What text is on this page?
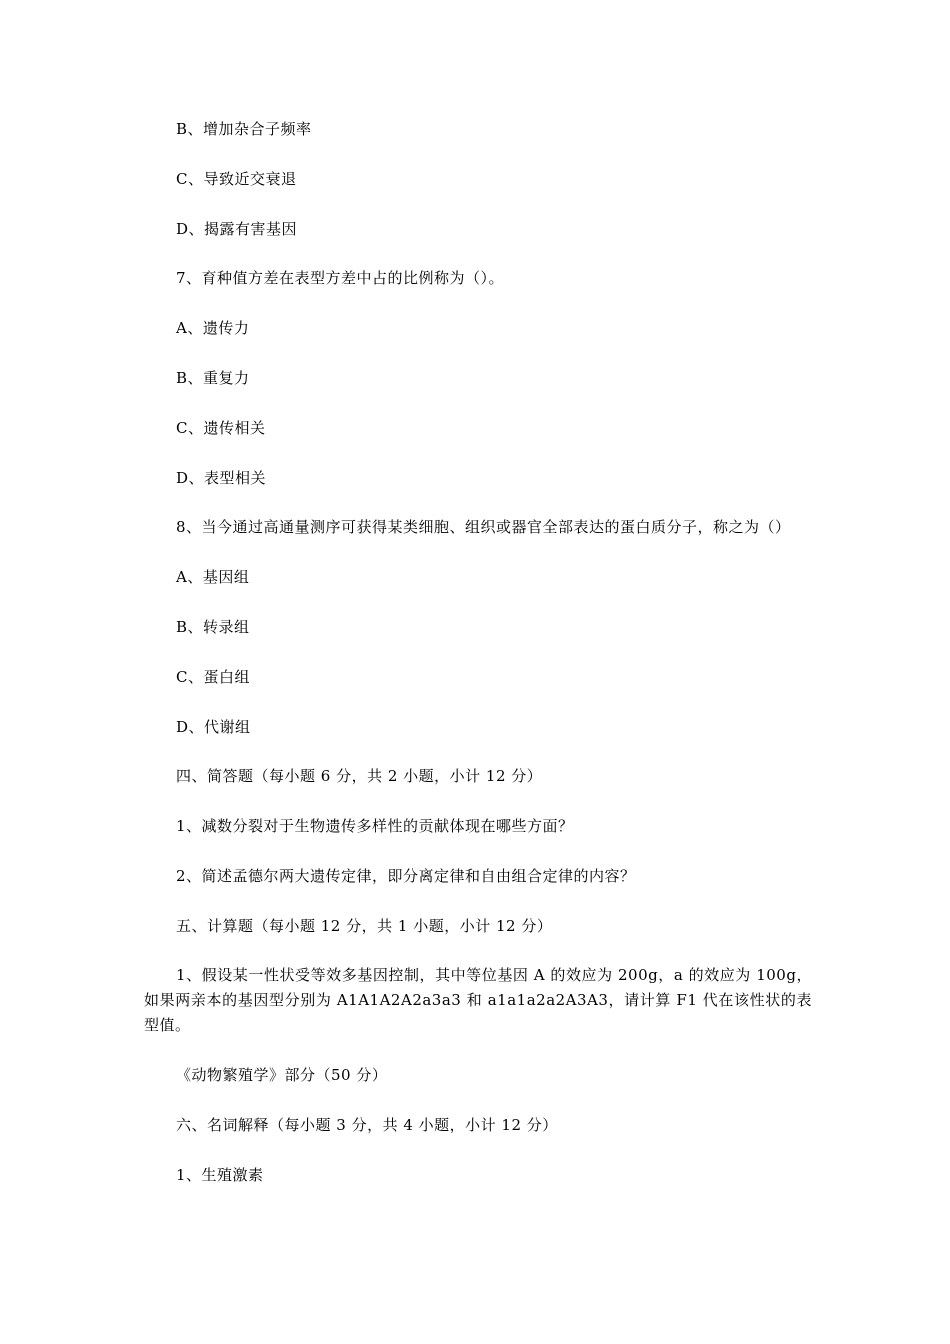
B、增加杂合子频率
C、导致近交衰退
D、揭露有害基因
7、育种值方差在表型方差中占的比例称为（）。
A、遗传力
B、重复力
C、遗传相关
D、表型相关
8、当今通过高通量测序可获得某类细胞、组织或器官全部表达的蛋白质分子，称之为（）
A、基因组
B、转录组
C、蛋白组
D、代谢组
四、简答题（每小题 6 分，共 2 小题，小计 12 分）
1、减数分裂对于生物遗传多样性的贡献体现在哪些方面？
2、简述孟德尔两大遗传定律，即分离定律和自由组合定律的内容？
五、计算题（每小题 12 分，共 1 小题，小计 12 分）
1、假设某一性状受等效多基因控制，其中等位基因 A 的效应为 200g，a 的效应为 100g，如果两亲本的基因型分别为 A1A1A2A2a3a3 和 a1a1a2a2A3A3，请计算 F1 代在该性状的表型值。
《动物繁殖学》部分（50 分）
六、名词解释（每小题 3 分，共 4 小题，小计 12 分）
1、生殖激素
